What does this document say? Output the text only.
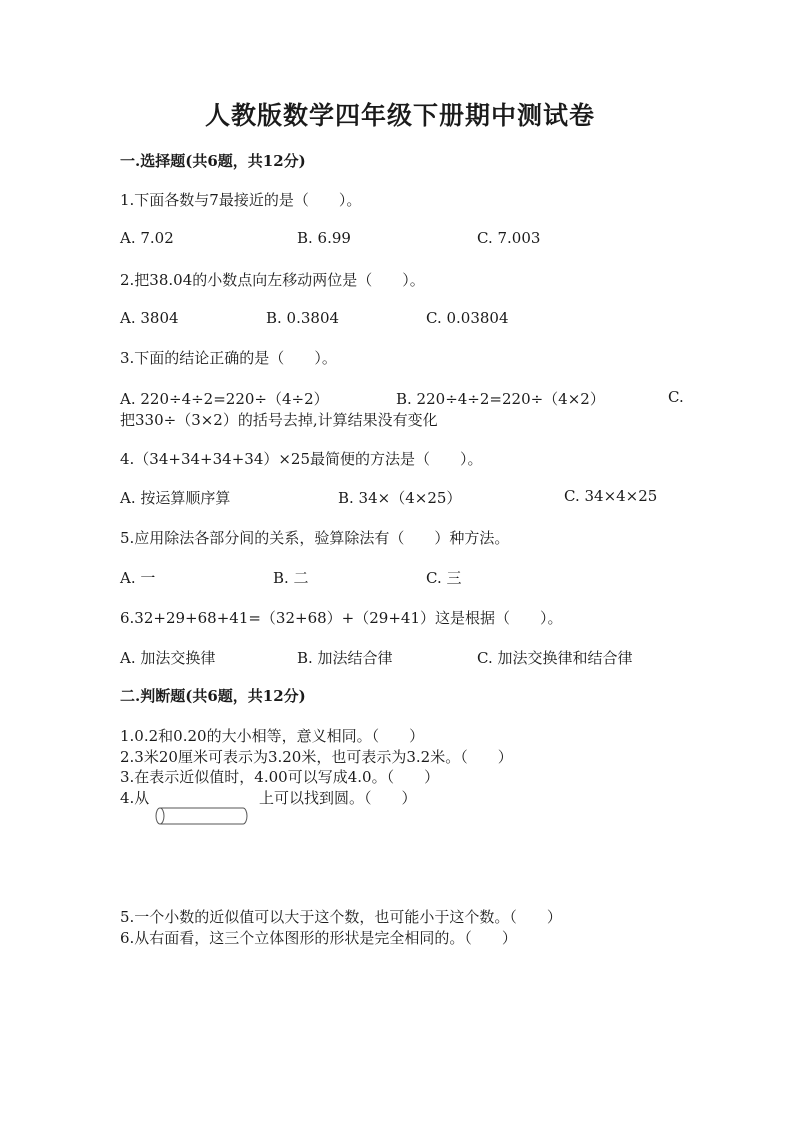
人教版数学四年级下册期中测试卷
一.选择题(共6题，共12分)
1.下面各数与7最接近的是（　　）。
A. 7.02	B. 6.99	C. 7.003
2.把38.04的小数点向左移动两位是（　　）。
A. 3804	B. 0.3804	C. 0.03804
3.下面的结论正确的是（　　）。
A. 220÷4÷2=220÷（4÷2）	B. 220÷4÷2=220÷（4×2）	C.
把330÷（3×2）的括号去掉,计算结果没有变化
4.（34+34+34+34）×25最简便的方法是（　　）。
A. 按运算顺序算	B. 34×（4×25）	C. 34×4×25
5.应用除法各部分间的关系，验算除法有（　　）种方法。
A. 一	B. 二	C. 三
6.32+29+68+41=（32+68）+（29+41）这是根据（　　）。
A. 加法交换律	B. 加法结合律	C. 加法交换律和结合律
二.判断题(共6题，共12分)
1.0.2和0.20的大小相等，意义相同。（　　）
2.3米20厘米可表示为3.20米，也可表示为3.2米。（　　）
3.在表示近似值时，4.00可以写成4.0。（　　）
4.从	上可以找到圆。（　　）
5.一个小数的近似值可以大于这个数，也可能小于这个数。（　　）
6.从右面看，这三个立体图形的形状是完全相同的。（　　）
